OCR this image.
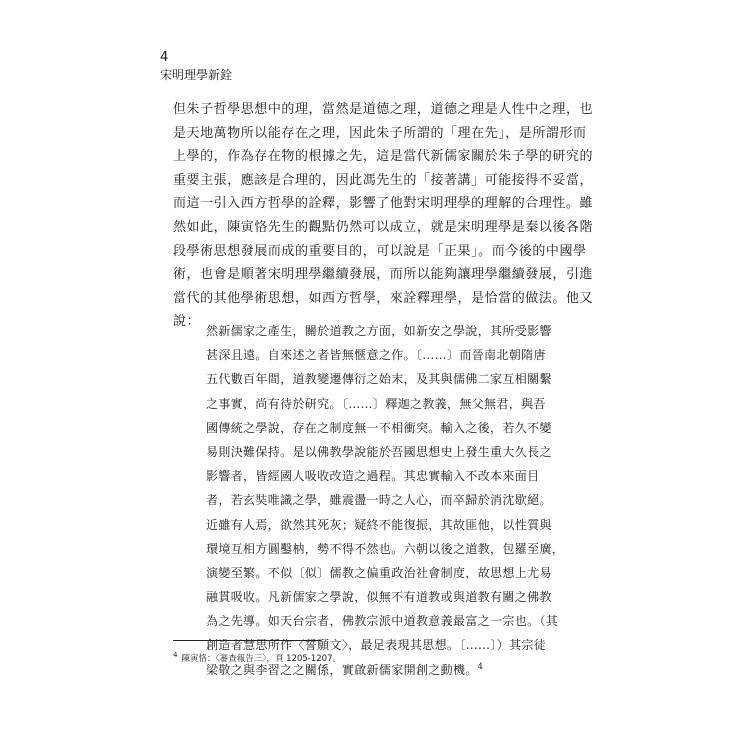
4
宋明理學新銓
但朱子哲學思想中的理，當然是道德之理，道德之理是人性中之理，也
是天地萬物所以能存在之理，因此朱子所謂的「理在先」，是所謂形而
上學的，作為存在物的根據之先，這是當代新儒家關於朱子學的研究的
重要主張，應該是合理的，因此馮先生的「接著講」可能接得不妥當，
而這一引入西方哲學的詮釋，影響了他對宋明理學的理解的合理性。雖
然如此，陳寅恪先生的觀點仍然可以成立，就是宋明理學是秦以後各階
段學術思想發展而成的重要目的，可以說是「正果」。而今後的中國學
術，也會是順著宋明理學繼續發展，而所以能夠讓理學繼續發展，引進
當代的其他學術思想，如西方哲學，來詮釋理學，是恰當的做法。他又
說：
然新儒家之產生，關於道教之方面，如新安之學說，其所受影響
甚深且遠。自來述之者皆無愜意之作。〔……〕而晉南北朝隋唐
五代數百年間，道教變遷傳衍之始末，及其與儒佛二家互相關繫
之事實，尚有待於研究。〔……〕釋迦之教義，無父無君，與吾
國傳統之學說，存在之制度無一不相衝突。輸入之後，若久不變
易則決難保持。是以佛教學說能於吾國思想史上發生重大久長之
影響者，皆經國人吸收改造之過程。其忠實輸入不改本來面目
者，若玄奘唯識之學，雖震盪一時之人心，而卒歸於消沈歇絕。
近雖有人焉，欲然其死灰；疑終不能復振，其故匪他，以性質與
環境互相方圓鑿枘，勢不得不然也。六朝以後之道教，包羅至廣，
演變至繁。不似〔似〕儒教之偏重政治社會制度，故思想上尤易
融貫吸收。凡新儒家之學說，似無不有道教或與道教有關之佛教
為之先導。如天台宗者，佛教宗派中道教意義最富之一宗也。（其
創造者慧思所作〈誓願文〉，最足表現其思想。〔……〕）其宗徒
梁敬之與李習之之關係，實啟新儒家開創之動機。$^4$
$^4$ 陳寅恪：〈審查報告三〉，頁 1205-1207。
